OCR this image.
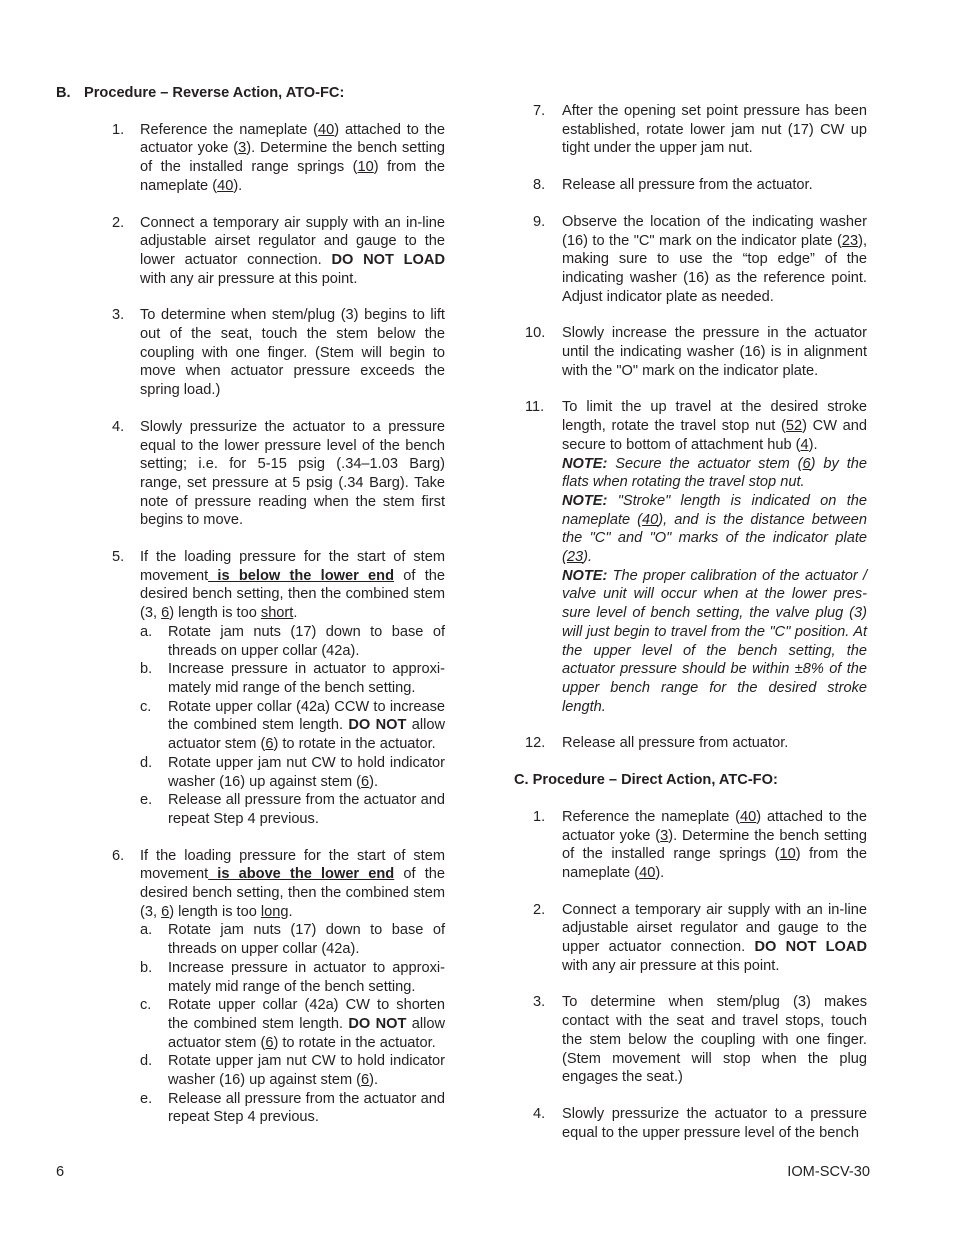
B. Procedure – Reverse Action, ATO-FC:
1. Reference the nameplate (40) attached to the actuator yoke (3). Determine the bench setting of the installed range springs (10) from the nameplate (40).
2. Connect a temporary air supply with an in-line adjustable airset regulator and gauge to the lower actuator connection. DO NOT LOAD with any air pressure at this point.
3. To determine when stem/plug (3) begins to lift out of the seat, touch the stem below the coupling with one finger. (Stem will begin to move when actuator pressure exceeds the spring load.)
4. Slowly pressurize the actuator to a pressure equal to the lower pressure level of the bench setting; i.e. for 5-15 psig (.34–1.03 Barg) range, set pressure at 5 psig (.34 Barg). Take note of pressure reading when the stem first begins to move.
5. If the loading pressure for the start of stem movement is below the lower end of the desired bench setting, then the combined stem (3, 6) length is too short.
a. Rotate jam nuts (17) down to base of threads on upper collar (42a).
b. Increase pressure in actuator to approxi-mately mid range of the bench setting.
c. Rotate upper collar (42a) CCW to increase the combined stem length. DO NOT allow actuator stem (6) to rotate in the actuator.
d. Rotate upper jam nut CW to hold indicator washer (16) up against stem (6).
e. Release all pressure from the actuator and repeat Step 4 previous.
6. If the loading pressure for the start of stem movement is above the lower end of the desired bench setting, then the combined stem (3, 6) length is too long.
a. Rotate jam nuts (17) down to base of threads on upper collar (42a).
b. Increase pressure in actuator to approxi-mately mid range of the bench setting.
c. Rotate upper collar (42a) CW to shorten the combined stem length. DO NOT allow actuator stem (6) to rotate in the actuator.
d. Rotate upper jam nut CW to hold indicator washer (16) up against stem (6).
e. Release all pressure from the actuator and repeat Step 4 previous.
7. After the opening set point pressure has been established, rotate lower jam nut (17) CW up tight under the upper jam nut.
8. Release all pressure from the actuator.
9. Observe the location of the indicating washer (16) to the "C" mark on the indicator plate (23), making sure to use the “top edge” of the indicating washer (16) as the reference point. Adjust indicator plate as needed.
10. Slowly increase the pressure in the actuator until the indicating washer (16) is in alignment with the "O" mark on the indicator plate.
11. To limit the up travel at the desired stroke length, rotate the travel stop nut (52) CW and secure to bottom of attachment hub (4).
NOTE: Secure the actuator stem (6) by the flats when rotating the travel stop nut.
NOTE: "Stroke" length is indicated on the nameplate (40), and is the distance between the "C" and "O" marks of the indicator plate (23).
NOTE: The proper calibration of the actuator / valve unit will occur when at the lower pres-sure level of bench setting, the valve plug (3) will just begin to travel from the "C" position. At the upper level of the bench setting, the actuator pressure should be within ±8% of the upper bench range for the desired stroke length.
12. Release all pressure from actuator.
C. Procedure – Direct Action, ATC-FO:
1. Reference the nameplate (40) attached to the actuator yoke (3). Determine the bench setting of the installed range springs (10) from the nameplate (40).
2. Connect a temporary air supply with an in-line adjustable airset regulator and gauge to the upper actuator connection. DO NOT LOAD with any air pressure at this point.
3. To determine when stem/plug (3) makes contact with the seat and travel stops, touch the stem below the coupling with one finger. (Stem movement will stop when the plug engages the seat.)
4. Slowly pressurize the actuator to a pressure equal to the upper pressure level of the bench
6	IOM-SCV-30
